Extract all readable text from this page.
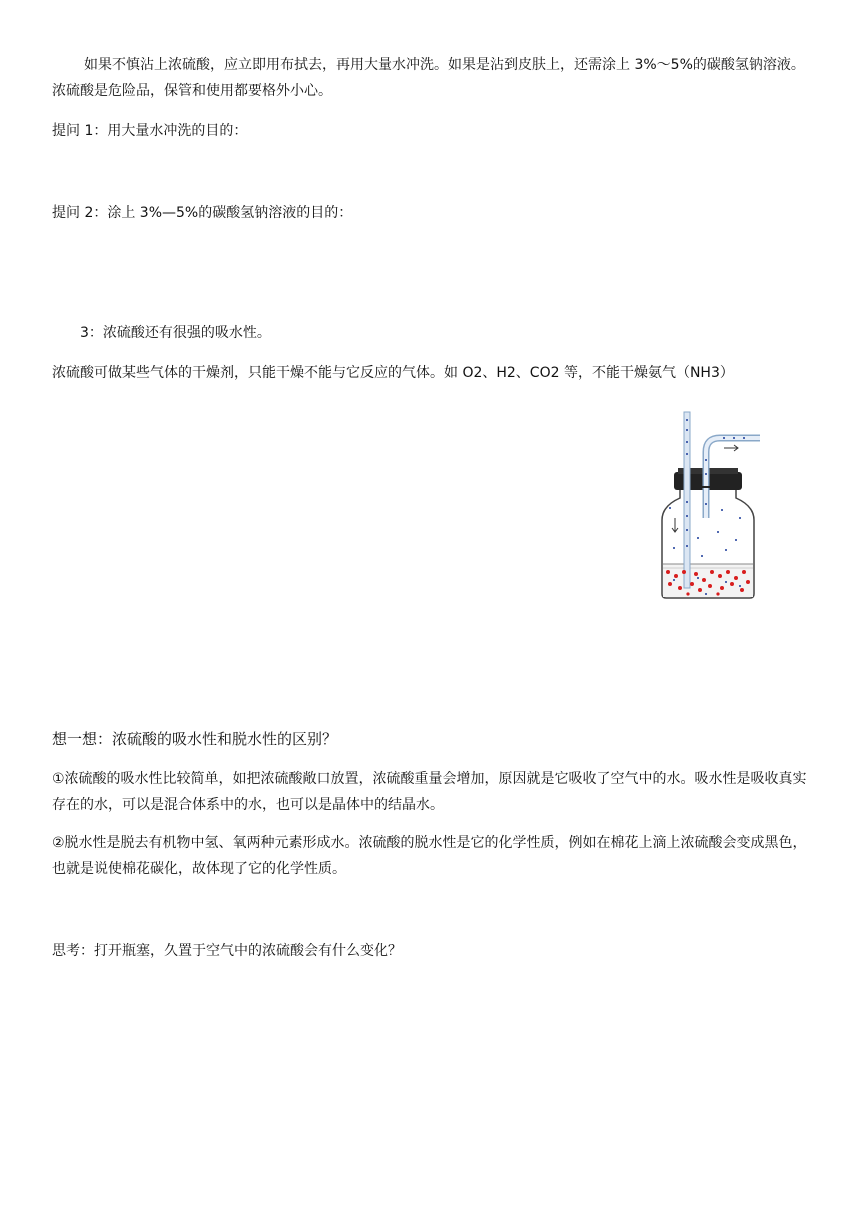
如果不慎沾上浓硫酸，应立即用布拭去，再用大量水冲洗。如果是沾到皮肤上，还需涂上 3%～5%的碳酸氢钠溶液。浓硫酸是危险品，保管和使用都要格外小心。

提问 1：用大量水冲洗的目的：

提问 2：涂上 3%—5%的碳酸氢钠溶液的目的：

3：浓硫酸还有很强的吸水性。

浓硫酸可做某些气体的干燥剂，只能干燥不能与它反应的气体。如 O2、H2、CO2 等，不能干燥氨气（NH3）

想一想：浓硫酸的吸水性和脱水性的区别？

①浓硫酸的吸水性比较简单，如把浓硫酸敞口放置，浓硫酸重量会增加，原因就是它吸收了空气中的水。吸水性是吸收真实存在的水，可以是混合体系中的水，也可以是晶体中的结晶水。

②脱水性是脱去有机物中氢、氧两种元素形成水。浓硫酸的脱水性是它的化学性质，例如在棉花上滴上浓硫酸会变成黑色，也就是说使棉花碳化，故体现了它的化学性质。

思考：打开瓶塞，久置于空气中的浓硫酸会有什么变化？
